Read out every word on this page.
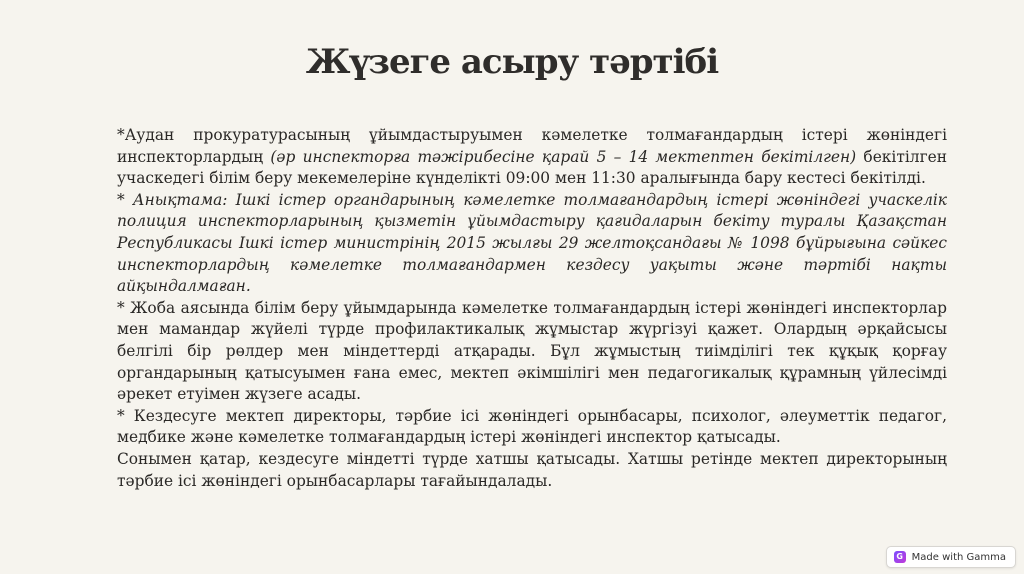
Жүзеге асыру тәртібі

*Аудан прокуратурасының ұйымдастыруымен кәмелетке толмағандардың істері жөніндегі инспекторлардың (әр инспекторға тәжірибесіне қарай 5 – 14 мектептен бекітілген) бекітілген учаскедегі білім беру мекемелеріне күнделікті 09:00 мен 11:30 аралығында бару кестесі бекітілді.

* Анықтама: Ішкі істер органдарының кәмелетке толмағандардың істері жөніндегі учаскелік полиция инспекторларының қызметін ұйымдастыру қағидаларын бекіту туралы Қазақстан Республикасы Ішкі істер министрінің 2015 жылғы 29 желтоқсандағы № 1098 бұйрығына сәйкес инспекторлардың кәмелетке толмағандармен кездесу уақыты және тәртібі нақты айқындалмаған.

* Жоба аясында білім беру ұйымдарында кәмелетке толмағандардың істері жөніндегі инспекторлар мен мамандар жүйелі түрде профилактикалық жұмыстар жүргізуі қажет. Олардың әрқайсысы белгілі бір рөлдер мен міндеттерді атқарады. Бұл жұмыстың тиімділігі тек құқық қорғау органдарының қатысуымен ғана емес, мектеп әкімшілігі мен педагогикалық құрамның үйлесімді әрекет етуімен жүзеге асады.

* Кездесуге мектеп директоры, тәрбие ісі жөніндегі орынбасары, психолог, әлеуметтік педагог, медбике және кәмелетке толмағандардың істері жөніндегі инспектор қатысады.

Сонымен қатар, кездесуге міндетті түрде хатшы қатысады. Хатшы ретінде мектеп директорының тәрбие ісі жөніндегі орынбасарлары тағайындалады.

G Made with Gamma
